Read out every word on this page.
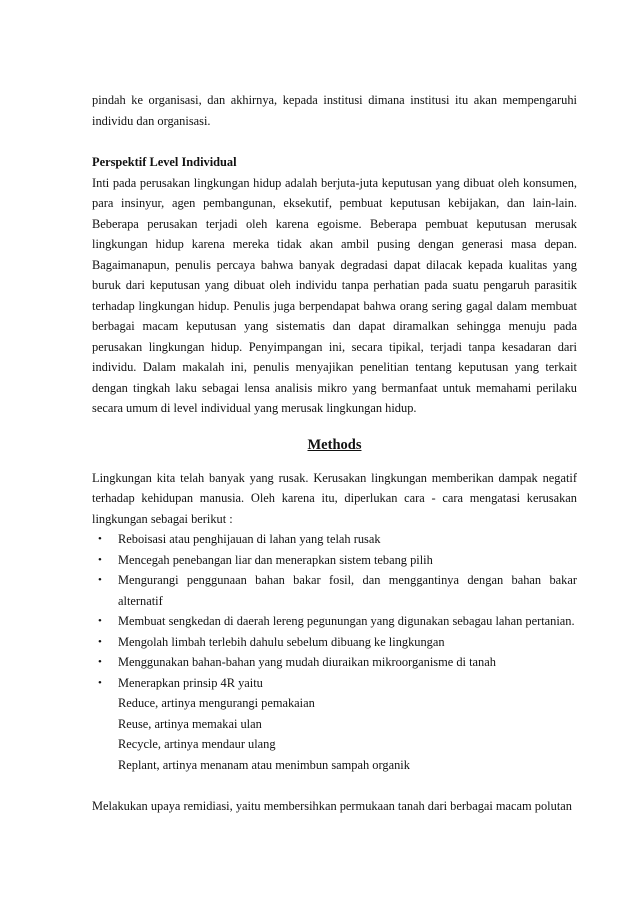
pindah ke organisasi, dan akhirnya, kepada institusi dimana institusi itu akan mempengaruhi individu dan organisasi.

Perspektif Level Individual

Inti pada perusakan lingkungan hidup adalah berjuta-juta keputusan yang dibuat oleh konsumen, para insinyur, agen pembangunan, eksekutif, pembuat keputusan kebijakan, dan lain-lain. Beberapa perusakan terjadi oleh karena egoisme. Beberapa pembuat keputusan merusak lingkungan hidup karena mereka tidak akan ambil pusing dengan generasi masa depan. Bagaimanapun, penulis percaya bahwa banyak degradasi dapat dilacak kepada kualitas yang buruk dari keputusan yang dibuat oleh individu tanpa perhatian pada suatu pengaruh parasitik terhadap lingkungan hidup. Penulis juga berpendapat bahwa orang sering gagal dalam membuat berbagai macam keputusan yang sistematis dan dapat diramalkan sehingga menuju pada perusakan lingkungan hidup. Penyimpangan ini, secara tipikal, terjadi tanpa kesadaran dari individu. Dalam makalah ini, penulis menyajikan penelitian tentang keputusan yang terkait dengan tingkah laku sebagai lensa analisis mikro yang bermanfaat untuk memahami perilaku secara umum di level individual yang merusak lingkungan hidup.

Methods

Lingkungan kita telah banyak yang rusak. Kerusakan lingkungan memberikan dampak negatif terhadap kehidupan manusia. Oleh karena itu, diperlukan cara - cara mengatasi kerusakan lingkungan sebagai berikut :

• Reboisasi atau penghijauan di lahan yang telah rusak
• Mencegah penebangan liar dan menerapkan sistem tebang pilih
• Mengurangi penggunaan bahan bakar fosil, dan menggantinya dengan bahan bakar alternatif
• Membuat sengkedan di daerah lereng pegunungan yang digunakan sebagau lahan pertanian.
• Mengolah limbah terlebih dahulu sebelum dibuang ke lingkungan
• Menggunakan bahan-bahan yang mudah diuraikan mikroorganisme di tanah
• Menerapkan prinsip 4R yaitu
Reduce, artinya mengurangi pemakaian
Reuse, artinya memakai ulan
Recycle, artinya mendaur ulang
Replant, artinya menanam atau menimbun sampah organik

Melakukan upaya remidiasi, yaitu membersihkan permukaan tanah dari berbagai macam polutan
